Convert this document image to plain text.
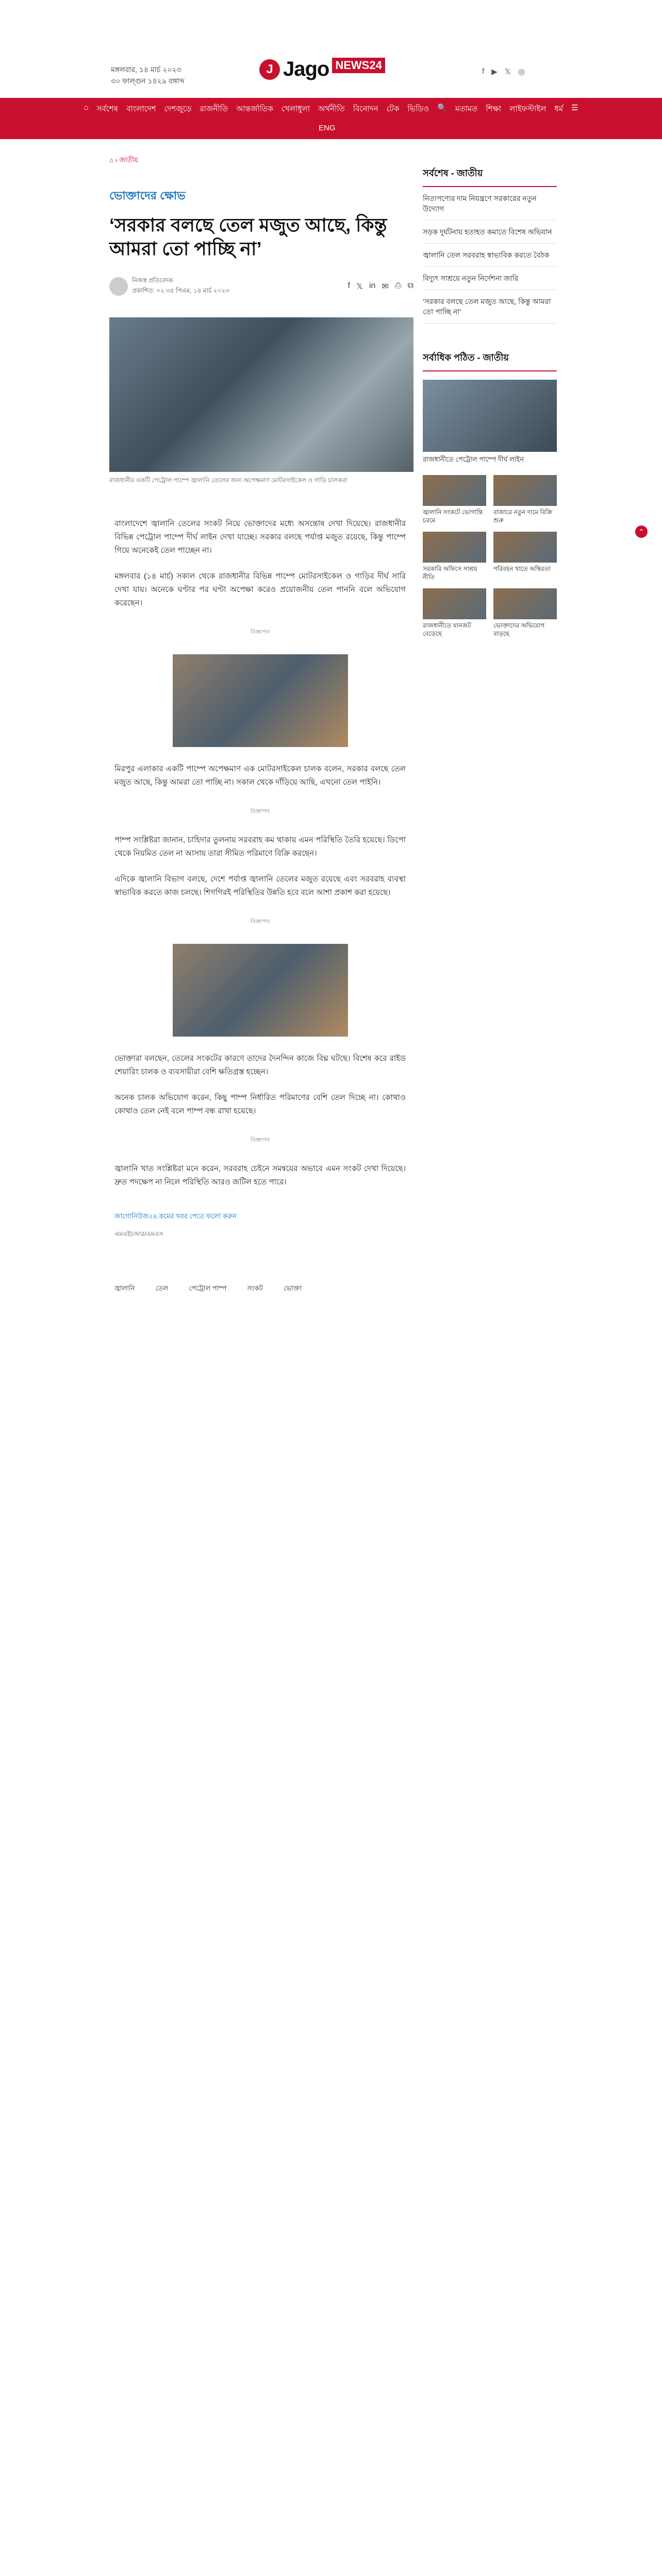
মঙ্গলবার, ১৪ মার্চ ২০২৩
৩০ ফাল্গুন ১৪২৯ বঙ্গাব্দ
J Jago NEWS24	f ▶ 𝕏 ◎
⌂ সর্বশেষ বাংলাদেশ দেশজুড়ে রাজনীতি আন্তর্জাতিক খেলাধুলা অর্থনীতি বিনোদন টেক ভিডিও 🔍 মতামত শিক্ষা লাইফস্টাইল ধর্ম ☰
ENG
⌂ › জাতীয়
ভোক্তাদের ক্ষোভ
‘সরকার বলছে তেল মজুত আছে, কিন্তু আমরা তো পাচ্ছি না’
নিজস্ব প্রতিবেদক
প্রকাশিত: ০২:৩৫ পিএম, ১৪ মার্চ ২০২৩
f 𝕏 in ✉ ⎙ ⧉
রাজধানীর একটি পেট্রোল পাম্পে জ্বালানি তেলের জন্য অপেক্ষমাণ মোটরসাইকেল ও গাড়ি চালকরা

বাংলাদেশে জ্বালানি তেলের সংকট নিয়ে ভোক্তাদের মধ্যে অসন্তোষ দেখা দিয়েছে। রাজধানীর বিভিন্ন পেট্রোল পাম্পে দীর্ঘ লাইন দেখা যাচ্ছে। সরকার বলছে পর্যাপ্ত মজুত রয়েছে, কিন্তু পাম্পে গিয়ে অনেকেই তেল পাচ্ছেন না।

মঙ্গলবার (১৪ মার্চ) সকাল থেকে রাজধানীর বিভিন্ন পাম্পে মোটরসাইকেল ও গাড়ির দীর্ঘ সারি দেখা যায়। অনেকে ঘণ্টার পর ঘণ্টা অপেক্ষা করেও প্রয়োজনীয় তেল পাননি বলে অভিযোগ করেছেন।

বিজ্ঞাপন

মিরপুর এলাকার একটি পাম্পে অপেক্ষমাণ এক মোটরসাইকেল চালক বলেন, সরকার বলছে তেল মজুত আছে, কিন্তু আমরা তো পাচ্ছি না। সকাল থেকে দাঁড়িয়ে আছি, এখনো তেল পাইনি।

বিজ্ঞাপন

পাম্প সংশ্লিষ্টরা জানান, চাহিদার তুলনায় সরবরাহ কম থাকায় এমন পরিস্থিতি তৈরি হয়েছে। ডিপো থেকে নিয়মিত তেল না আসায় তারা সীমিত পরিমাণে বিক্রি করছেন।

এদিকে জ্বালানি বিভাগ বলছে, দেশে পর্যাপ্ত জ্বালানি তেলের মজুত রয়েছে এবং সরবরাহ ব্যবস্থা স্বাভাবিক করতে কাজ চলছে। শিগগিরই পরিস্থিতির উন্নতি হবে বলে আশা প্রকাশ করা হয়েছে।

বিজ্ঞাপন

ভোক্তারা বলছেন, তেলের সংকটের কারণে তাদের দৈনন্দিন কাজে বিঘ্ন ঘটছে। বিশেষ করে রাইড শেয়ারিং চালক ও ব্যবসায়ীরা বেশি ক্ষতিগ্রস্ত হচ্ছেন।

অনেক চালক অভিযোগ করেন, কিছু পাম্প নির্ধারিত পরিমাণের বেশি তেল দিচ্ছে না। কোথাও কোথাও তেল নেই বলে পাম্প বন্ধ রাখা হয়েছে।

বিজ্ঞাপন

জ্বালানি খাত সংশ্লিষ্টরা মনে করেন, সরবরাহ চেইনে সমন্বয়ের অভাবে এমন সংকট দেখা দিয়েছে। দ্রুত পদক্ষেপ না নিলে পরিস্থিতি আরও জটিল হতে পারে।

জাগোনিউজ২৪.কমের খবর পেতে ফলো করুন
এমএইচআর/এমএস
জ্বালানি	তেল	পেট্রোল পাম্প	সংকট	ভোক্তা
সর্বশেষ - জাতীয়
নিত্যপণ্যের দাম নিয়ন্ত্রণে সরকারের নতুন উদ্যোগ
সড়ক দুর্ঘটনায় হতাহত কমাতে বিশেষ অভিযান
জ্বালানি তেল সরবরাহ স্বাভাবিক করতে বৈঠক
বিদ্যুৎ সাশ্রয়ে নতুন নির্দেশনা জারি
‘সরকার বলছে তেল মজুত আছে, কিন্তু আমরা তো পাচ্ছি না’
সর্বাধিক পঠিত - জাতীয়
রাজধানীতে পেট্রোল পাম্পে দীর্ঘ লাইন
জ্বালানি সংকটে ভোগান্তি চরমে
বাজারে নতুন দামে বিক্রি শুরু
সরকারি অফিসে সাশ্রয় নীতি
পরিবহন খাতে অস্থিরতা
রাজধানীতে যানজট বেড়েছে
ভোক্তাদের অভিযোগ বাড়ছে
⌃
